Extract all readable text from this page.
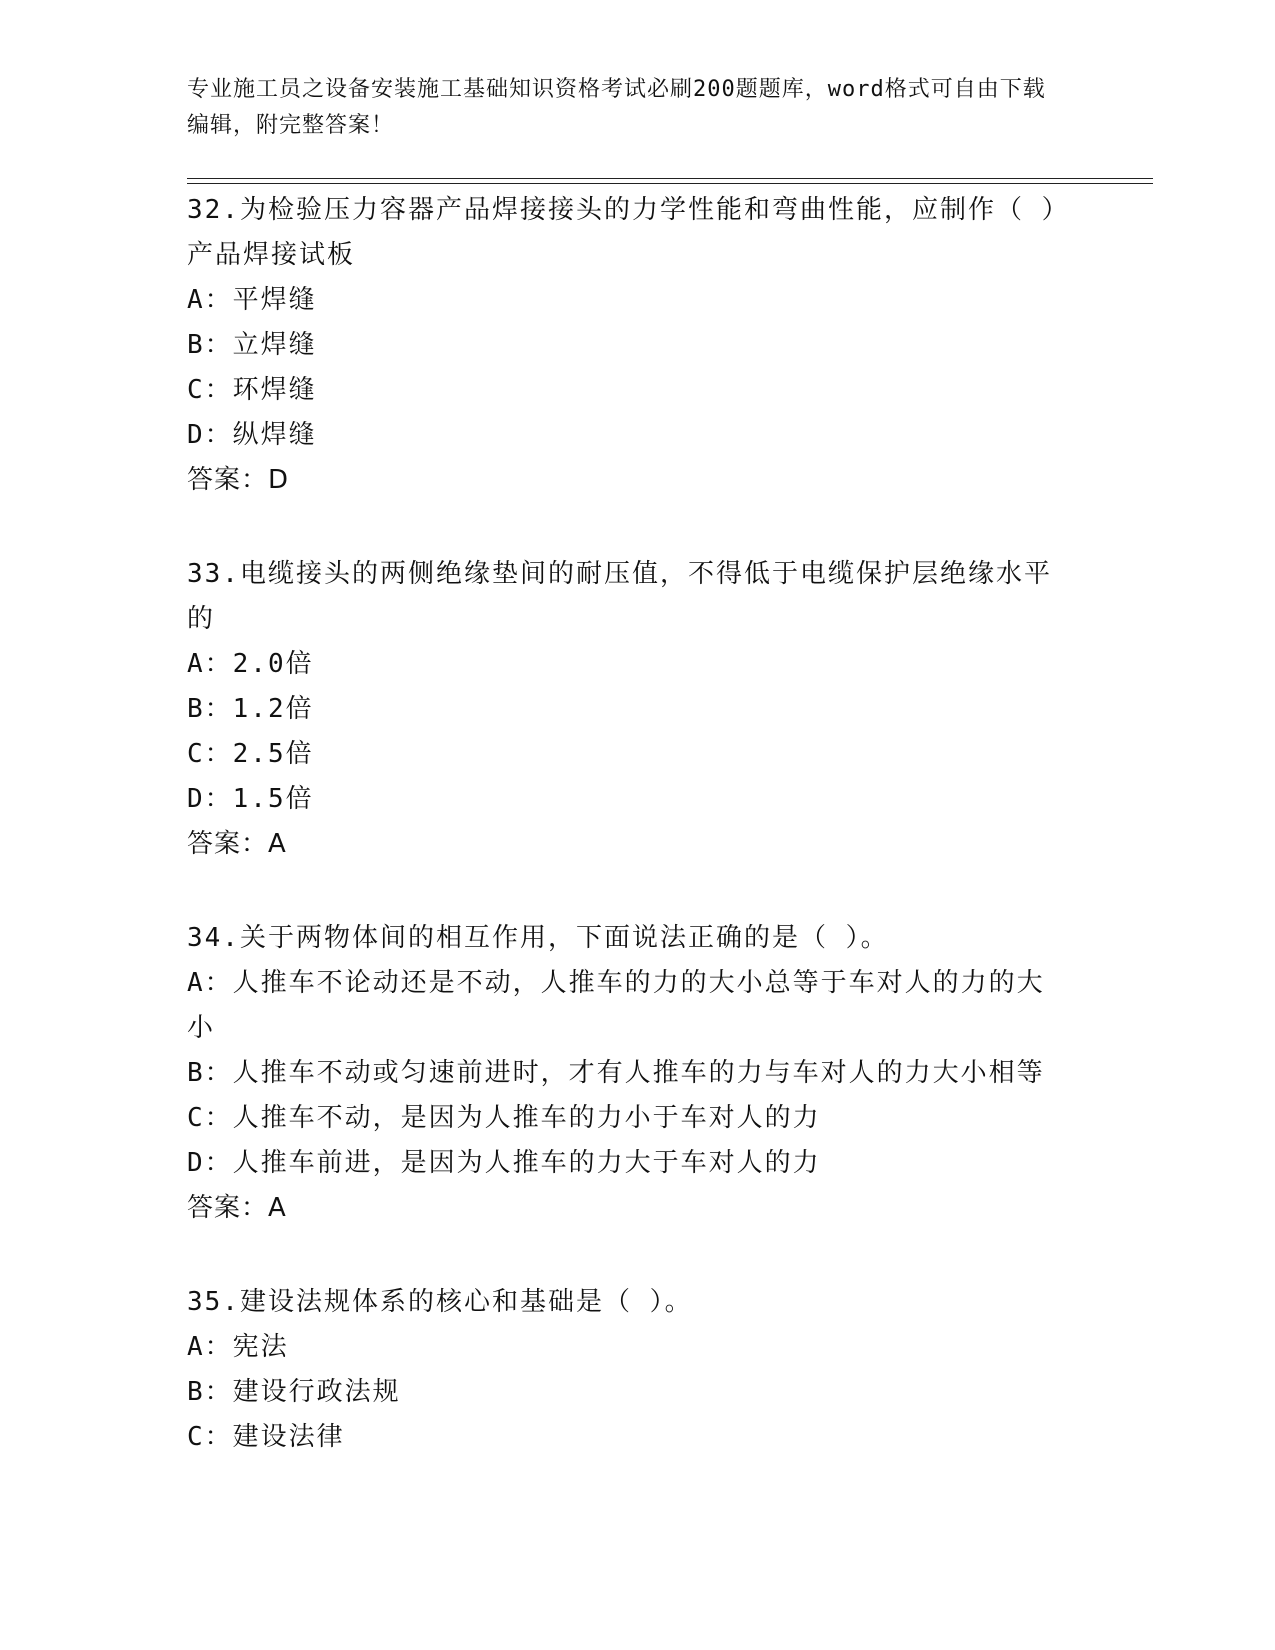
专业施工员之设备安装施工基础知识资格考试必刷200题题库，word格式可自由下载编辑，附完整答案！

32.为检验压力容器产品焊接接头的力学性能和弯曲性能，应制作（ ）产品焊接试板

A：平焊缝

B：立焊缝

C：环焊缝

D：纵焊缝

答案：D

33.电缆接头的两侧绝缘垫间的耐压值，不得低于电缆保护层绝缘水平的

A：2.0倍

B：1.2倍

C：2.5倍

D：1.5倍

答案：A

34.关于两物体间的相互作用，下面说法正确的是（ ）。

A：人推车不论动还是不动，人推车的力的大小总等于车对人的力的大小

B：人推车不动或匀速前进时，才有人推车的力与车对人的力大小相等

C：人推车不动，是因为人推车的力小于车对人的力

D：人推车前进，是因为人推车的力大于车对人的力

答案：A

35.建设法规体系的核心和基础是（ ）。

A：宪法

B：建设行政法规

C：建设法律
